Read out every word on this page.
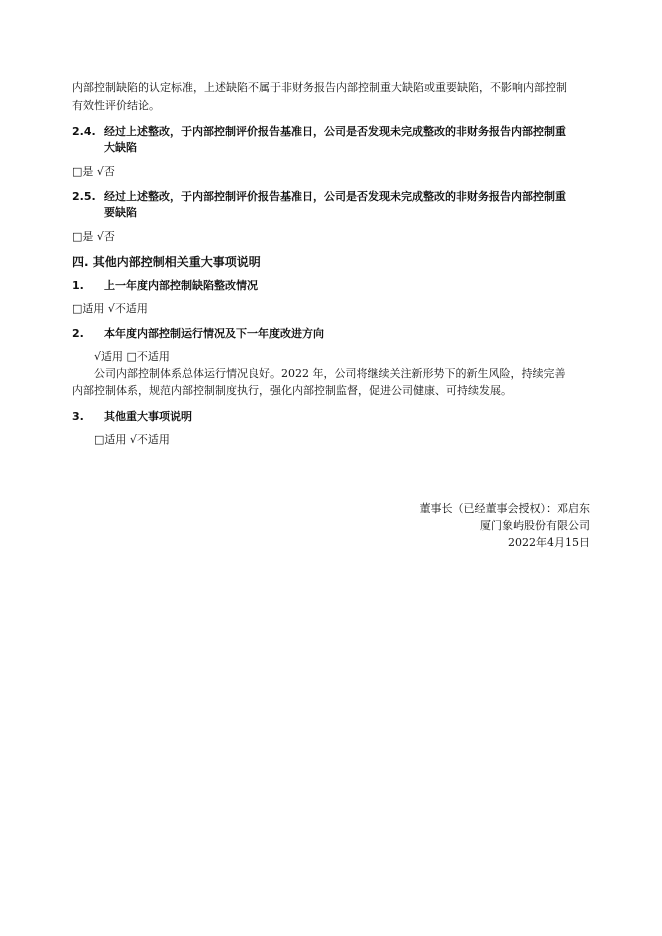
内部控制缺陷的认定标准，上述缺陷不属于非财务报告内部控制重大缺陷或重要缺陷，不影响内部控制
有效性评价结论。
2.4. 经过上述整改，于内部控制评价报告基准日，公司是否发现未完成整改的非财务报告内部控制重
大缺陷
□是 √否
2.5. 经过上述整改，于内部控制评价报告基准日，公司是否发现未完成整改的非财务报告内部控制重
要缺陷
□是 √否
四. 其他内部控制相关重大事项说明
1. 上一年度内部控制缺陷整改情况
□适用 √不适用
2. 本年度内部控制运行情况及下一年度改进方向
√适用 □不适用
公司内部控制体系总体运行情况良好。2022 年，公司将继续关注新形势下的新生风险，持续完善
内部控制体系，规范内部控制制度执行，强化内部控制监督，促进公司健康、可持续发展。
3. 其他重大事项说明
□适用 √不适用
董事长（已经董事会授权）：邓启东
厦门象屿股份有限公司
2022年4月15日
